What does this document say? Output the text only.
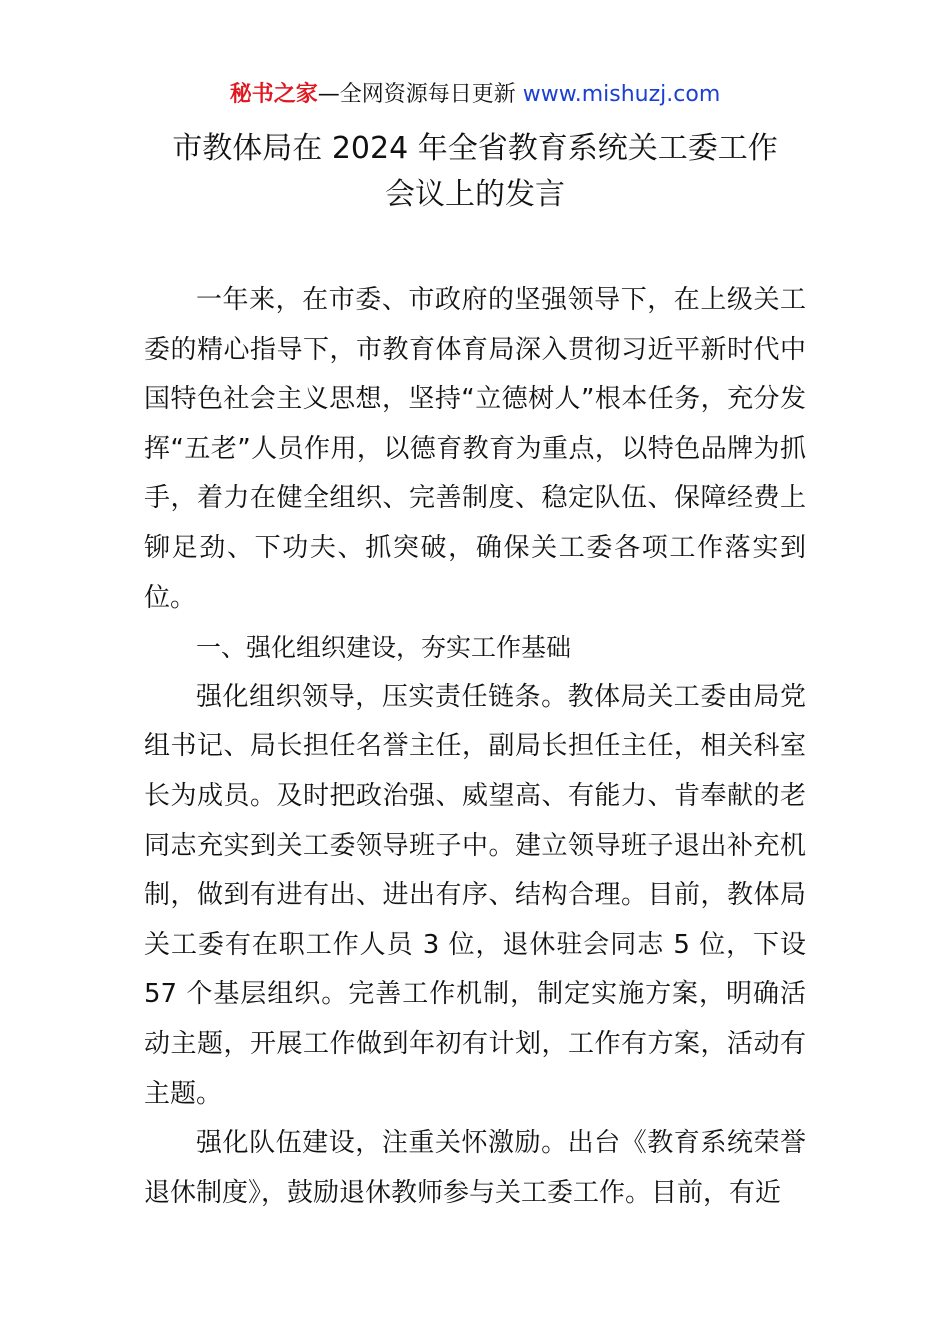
秘书之家—全网资源每日更新 www.mishuzj.com
市教体局在 2024 年全省教育系统关工委工作
会议上的发言

一年来，在市委、市政府的坚强领导下，在上级关工委的精心指导下，市教育体育局深入贯彻习近平新时代中国特色社会主义思想，坚持“立德树人”根本任务，充分发挥“五老”人员作用，以德育教育为重点，以特色品牌为抓手，着力在健全组织、完善制度、稳定队伍、保障经费上铆足劲、下功夫、抓突破，确保关工委各项工作落实到位。

一、强化组织建设，夯实工作基础

强化组织领导，压实责任链条。教体局关工委由局党组书记、局长担任名誉主任，副局长担任主任，相关科室长为成员。及时把政治强、威望高、有能力、肯奉献的老同志充实到关工委领导班子中。建立领导班子退出补充机制，做到有进有出、进出有序、结构合理。目前，教体局关工委有在职工作人员 3 位，退休驻会同志 5 位，下设 57 个基层组织。完善工作机制，制定实施方案，明确活动主题，开展工作做到年初有计划，工作有方案，活动有主题。

强化队伍建设，注重关怀激励。出台《教育系统荣誉退休制度》，鼓励退休教师参与关工委工作。目前，有近
